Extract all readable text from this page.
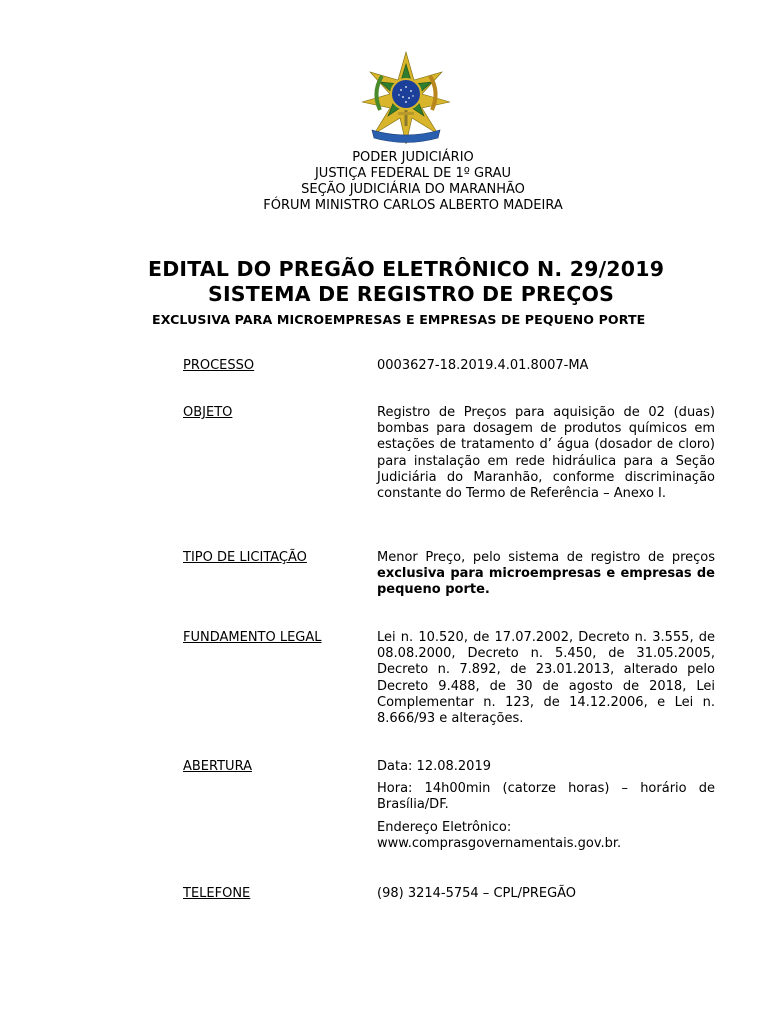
PODER JUDICIÁRIO
JUSTIÇA FEDERAL DE 1º GRAU
SEÇÃO JUDICIÁRIA DO MARANHÃO
FÓRUM MINISTRO CARLOS ALBERTO MADEIRA
EDITAL DO PREGÃO ELETRÔNICO N. 29/2019
SISTEMA DE REGISTRO DE PREÇOS
EXCLUSIVA PARA MICROEMPRESAS E EMPRESAS DE PEQUENO PORTE
PROCESSO	0003627-18.2019.4.01.8007-MA
OBJETO	Registro de Preços para aquisição de 02 (duas) bombas para dosagem de produtos químicos em estações de tratamento d’ água (dosador de cloro) para instalação em rede hidráulica para a Seção Judiciária do Maranhão, conforme discriminação constante do Termo de Referência – Anexo I.
TIPO DE LICITAÇÃO	Menor Preço, pelo sistema de registro de preços exclusiva para microempresas e empresas de pequeno porte.
FUNDAMENTO LEGAL	Lei n. 10.520, de 17.07.2002, Decreto n. 3.555, de 08.08.2000, Decreto n. 5.450, de 31.05.2005, Decreto n. 7.892, de 23.01.2013, alterado pelo Decreto 9.488, de 30 de agosto de 2018, Lei Complementar n. 123, de 14.12.2006, e Lei n. 8.666/93 e alterações.
ABERTURA	Data: 12.08.2019

Hora: 14h00min (catorze horas) – horário de Brasília/DF.

Endereço Eletrônico:
www.comprasgovernamentais.gov.br.

TELEFONE	(98) 3214-5754 – CPL/PREGÃO
